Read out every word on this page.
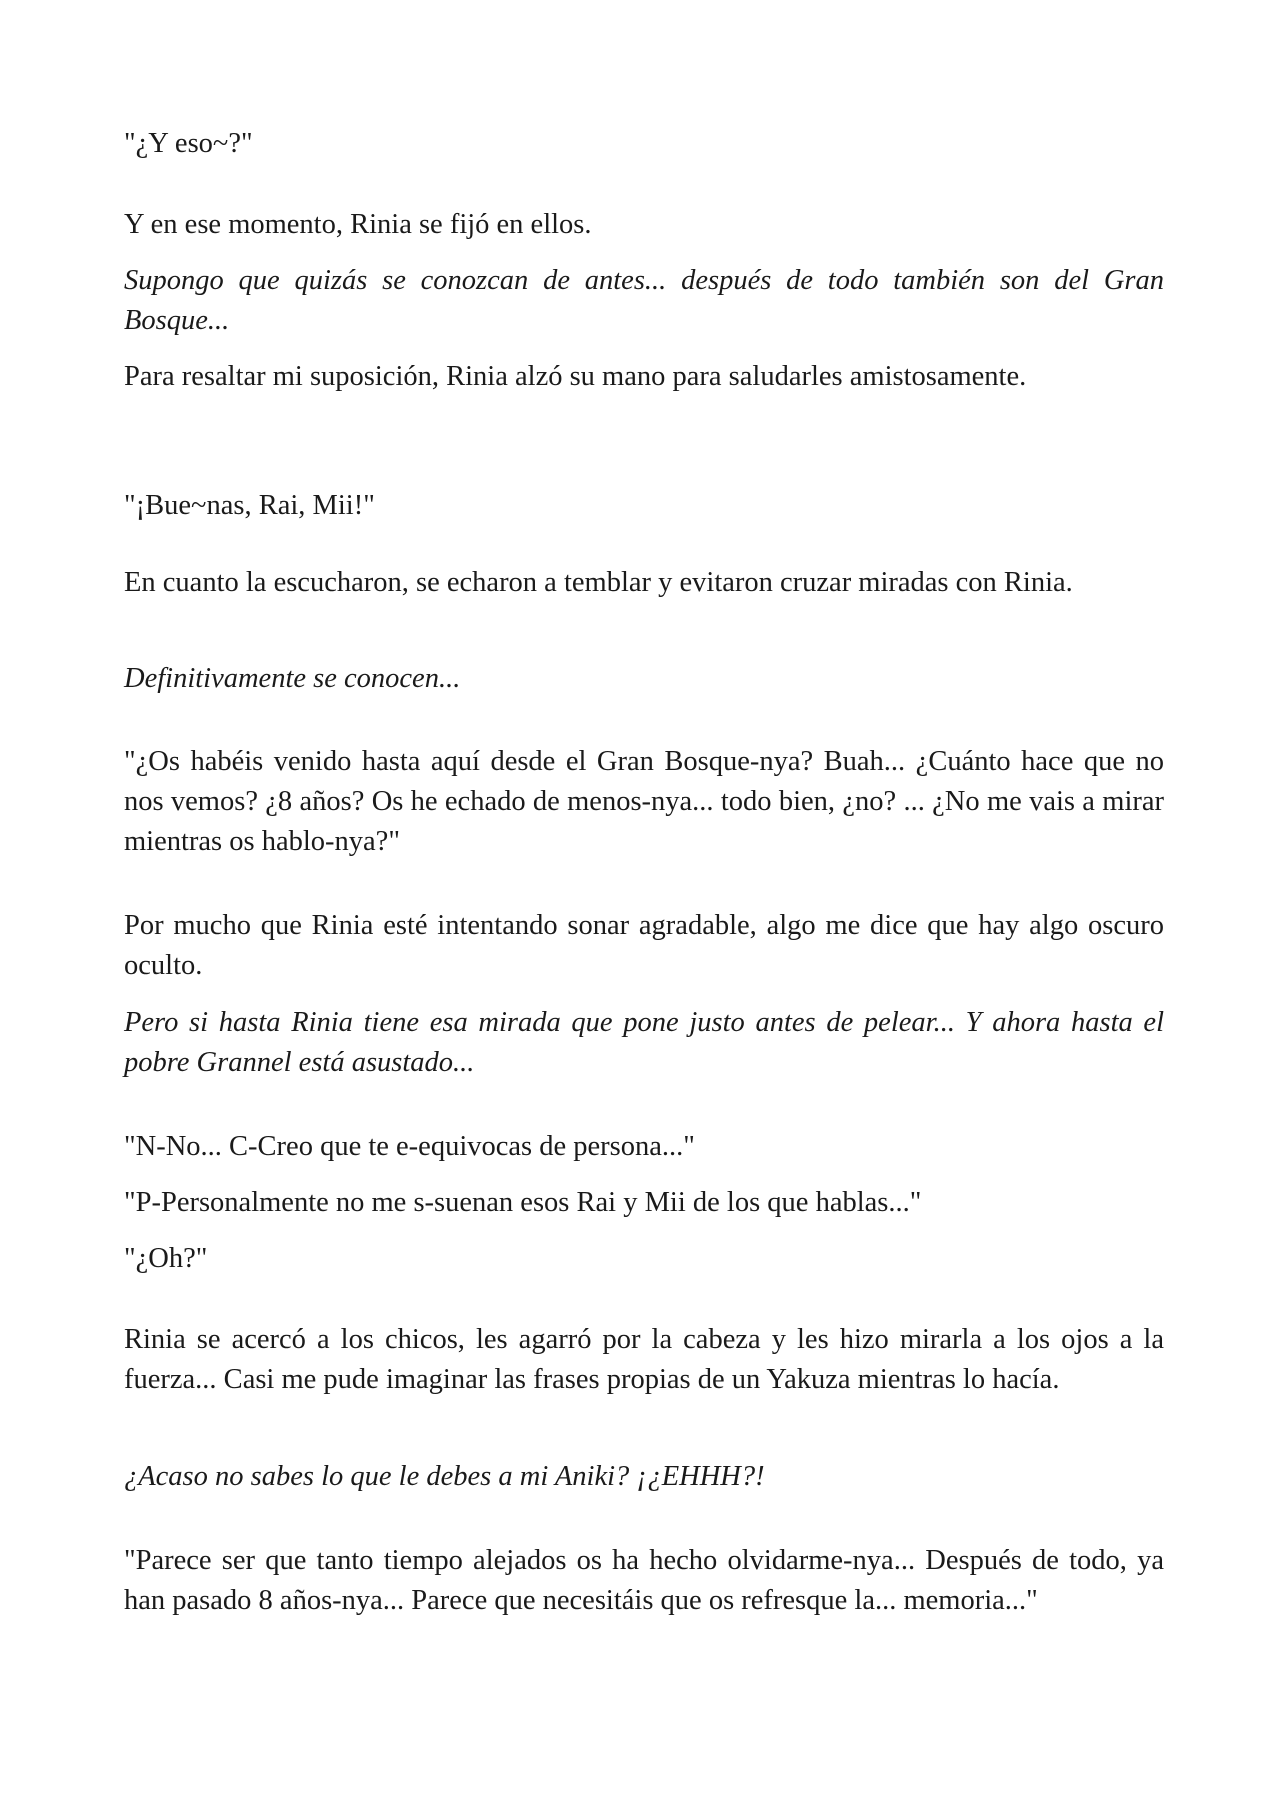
"¿Y eso~?"

Y en ese momento, Rinia se fijó en ellos.

Supongo que quizás se conozcan de antes... después de todo también son del Gran Bosque...

Para resaltar mi suposición, Rinia alzó su mano para saludarles amistosamente.

"¡Bue~nas, Rai, Mii!"

En cuanto la escucharon, se echaron a temblar y evitaron cruzar miradas con Rinia.

Definitivamente se conocen...

"¿Os habéis venido hasta aquí desde el Gran Bosque-nya? Buah... ¿Cuánto hace que no nos vemos? ¿8 años? Os he echado de menos-nya... todo bien, ¿no? ... ¿No me vais a mirar mientras os hablo-nya?"

Por mucho que Rinia esté intentando sonar agradable, algo me dice que hay algo oscuro oculto.

Pero si hasta Rinia tiene esa mirada que pone justo antes de pelear... Y ahora hasta el pobre Grannel está asustado...

"N-No... C-Creo que te e-equivocas de persona..."

"P-Personalmente no me s-suenan esos Rai y Mii de los que hablas..."

"¿Oh?"

Rinia se acercó a los chicos, les agarró por la cabeza y les hizo mirarla a los ojos a la fuerza... Casi me pude imaginar las frases propias de un Yakuza mientras lo hacía.

¿Acaso no sabes lo que le debes a mi Aniki? ¡¿EHHH?!

"Parece ser que tanto tiempo alejados os ha hecho olvidarme-nya... Después de todo, ya han pasado 8 años-nya... Parece que necesitáis que os refresque la... memoria..."
